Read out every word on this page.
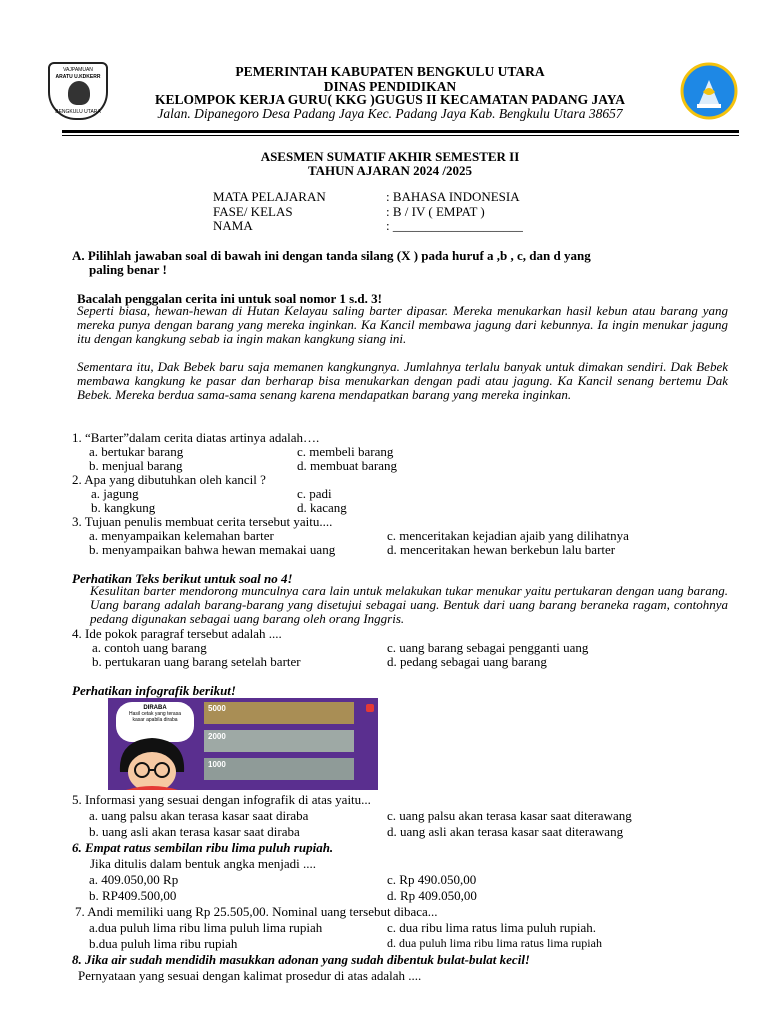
VAJPAMUAN
ARATU U.KDKERR
BENGKULU UTARA
PEMERINTAH KABUPATEN BENGKULU UTARA
DINAS PENDIDIKAN
KELOMPOK KERJA GURU( KKG )GUGUS II KECAMATAN PADANG JAYA
Jalan. Dipanegoro Desa Padang Jaya Kec. Padang Jaya Kab. Bengkulu Utara 38657
ASESMEN SUMATIF AKHIR SEMESTER II
TAHUN AJARAN 2024 /2025
MATA PELAJARAN	: BAHASA INDONESIA
FASE/ KELAS	: B / IV ( EMPAT )
NAMA	: ____________________
A. Pilihlah jawaban soal di bawah ini dengan tanda silang (X ) pada huruf a ,b , c, dan d yang
paling benar !
Bacalah penggalan cerita ini untuk soal nomor 1 s.d. 3!
Seperti biasa, hewan-hewan di Hutan Kelayau saling barter dipasar. Mereka menukarkan hasil kebun atau barang yang mereka punya dengan barang yang mereka inginkan. Ka Kancil membawa jagung dari kebunnya. Ia ingin menukar jagung itu dengan kangkung sebab ia ingin makan kangkung siang ini.
Sementara itu, Dak Bebek baru saja memanen kangkungnya. Jumlahnya terlalu banyak untuk dimakan sendiri. Dak Bebek membawa kangkung ke pasar dan berharap bisa menukarkan dengan padi atau jagung. Ka Kancil senang bertemu Dak Bebek. Mereka berdua sama-sama senang karena mendapatkan barang yang mereka inginkan.
1. “Barter”dalam cerita diatas artinya adalah….
a. bertukar barang	c. membeli barang
b. menjual barang	d. membuat barang
2. Apa yang dibutuhkan oleh kancil ?
a. jagung	c. padi
b. kangkung	d. kacang
3. Tujuan penulis membuat cerita tersebut yaitu....
a. menyampaikan kelemahan barter	c. menceritakan kejadian ajaib yang dilihatnya
b. menyampaikan bahwa hewan memakai uang	d. menceritakan hewan berkebun lalu barter
Perhatikan Teks berikut untuk soal no 4!
Kesulitan barter mendorong munculnya cara lain untuk melakukan tukar menukar yaitu pertukaran dengan uang barang. Uang barang adalah barang-barang yang disetujui sebagai uang. Bentuk dari uang barang beraneka ragam, contohnya pedang digunakan sebagai uang barang oleh orang Inggris.
4. Ide pokok paragraf tersebut adalah ....
a. contoh uang barang	c. uang barang sebagai pengganti uang
b. pertukaran uang barang setelah barter	d. pedang sebagai uang barang
Perhatikan infografik berikut!
DIRABA
Hasil cetak yang terasa kasar apabila diraba
5000
2000
1000
5. Informasi yang sesuai dengan infografik di atas yaitu...
a. uang palsu akan terasa kasar saat diraba	c. uang palsu akan terasa kasar saat diterawang
b. uang asli akan terasa kasar saat diraba	d. uang asli akan terasa kasar saat diterawang
6. Empat ratus sembilan ribu lima puluh rupiah.
Jika ditulis dalam bentuk angka menjadi ....
a. 409.050,00 Rp	c. Rp 490.050,00
b. RP409.500,00	d. Rp 409.050,00
7. Andi memiliki uang Rp 25.505,00. Nominal uang tersebut dibaca...
a.dua puluh lima ribu lima puluh lima rupiah	c. dua ribu lima ratus lima puluh rupiah.
b.dua puluh lima ribu rupiah	d. dua puluh lima ribu lima ratus lima rupiah
8. Jika air sudah mendidih masukkan adonan yang sudah dibentuk bulat-bulat kecil!
Pernyataan yang sesuai dengan kalimat prosedur di atas adalah ....
